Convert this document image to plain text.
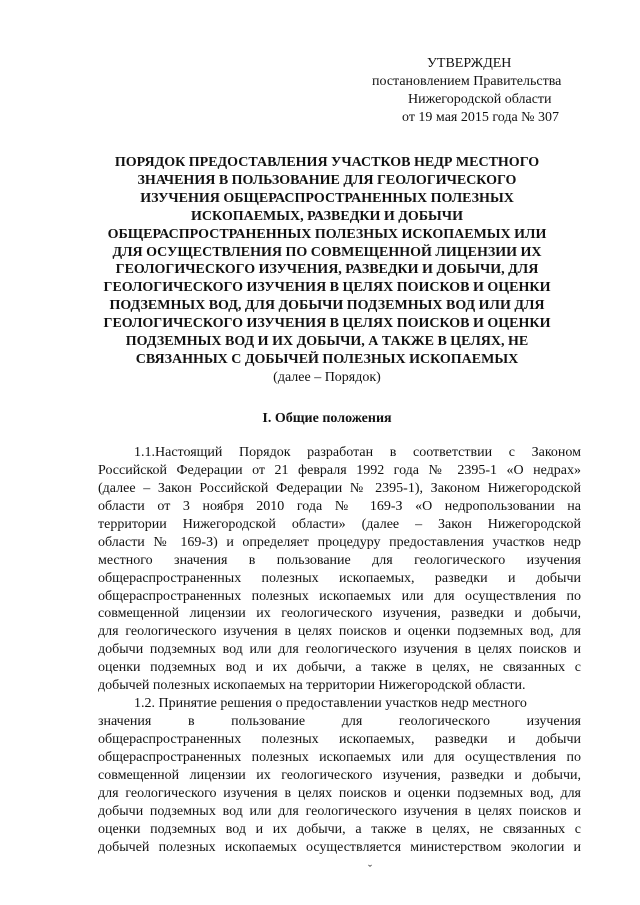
УТВЕРЖДЕН
постановлением Правительства
Нижегородской области
от 19 мая 2015 года № 307
ПОРЯДОК ПРЕДОСТАВЛЕНИЯ УЧАСТКОВ НЕДР МЕСТНОГО
ЗНАЧЕНИЯ В ПОЛЬЗОВАНИЕ ДЛЯ ГЕОЛОГИЧЕСКОГО
ИЗУЧЕНИЯ ОБЩЕРАСПРОСТРАНЕННЫХ ПОЛЕЗНЫХ
ИСКОПАЕМЫХ, РАЗВЕДКИ И ДОБЫЧИ
ОБЩЕРАСПРОСТРАНЕННЫХ ПОЛЕЗНЫХ ИСКОПАЕМЫХ ИЛИ
ДЛЯ ОСУЩЕСТВЛЕНИЯ ПО СОВМЕЩЕННОЙ ЛИЦЕНЗИИ ИХ
ГЕОЛОГИЧЕСКОГО ИЗУЧЕНИЯ, РАЗВЕДКИ И ДОБЫЧИ, ДЛЯ
ГЕОЛОГИЧЕСКОГО ИЗУЧЕНИЯ В ЦЕЛЯХ ПОИСКОВ И ОЦЕНКИ
ПОДЗЕМНЫХ ВОД, ДЛЯ ДОБЫЧИ ПОДЗЕМНЫХ ВОД ИЛИ ДЛЯ
ГЕОЛОГИЧЕСКОГО ИЗУЧЕНИЯ В ЦЕЛЯХ ПОИСКОВ И ОЦЕНКИ
ПОДЗЕМНЫХ ВОД И ИХ ДОБЫЧИ, А ТАКЖЕ В ЦЕЛЯХ, НЕ
СВЯЗАННЫХ С ДОБЫЧЕЙ ПОЛЕЗНЫХ ИСКОПАЕМЫХ
(далее – Порядок)
I. Общие положения
1.1.Настоящий Порядок разработан в соответствии с Законом
Российской Федерации от 21 февраля 1992 года № 2395-1 «О недрах»
(далее – Закон Российской Федерации № 2395-1), Законом Нижегородской
области от 3 ноября 2010 года № 169-З «О недропользовании на
территории Нижегородской области» (далее – Закон Нижегородской
области № 169-З) и определяет процедуру предоставления участков недр
местного значения в пользование для геологического изучения
общераспространенных полезных ископаемых, разведки и добычи
общераспространенных полезных ископаемых или для осуществления по
совмещенной лицензии их геологического изучения, разведки и добычи,
для геологического изучения в целях поисков и оценки подземных вод, для
добычи подземных вод или для геологического изучения в целях поисков и
оценки подземных вод и их добычи, а также в целях, не связанных с
добычей полезных ископаемых на территории Нижегородской области.
1.2. Принятие решения о предоставлении участков недр местного
значения в пользование для геологического изучения
общераспространенных полезных ископаемых, разведки и добычи
общераспространенных полезных ископаемых или для осуществления по
совмещенной лицензии их геологического изучения, разведки и добычи,
для геологического изучения в целях поисков и оценки подземных вод, для
добычи подземных вод или для геологического изучения в целях поисков и
оценки подземных вод и их добычи, а также в целях, не связанных с
добычей полезных ископаемых осуществляется министерством экологии и
ˇ
